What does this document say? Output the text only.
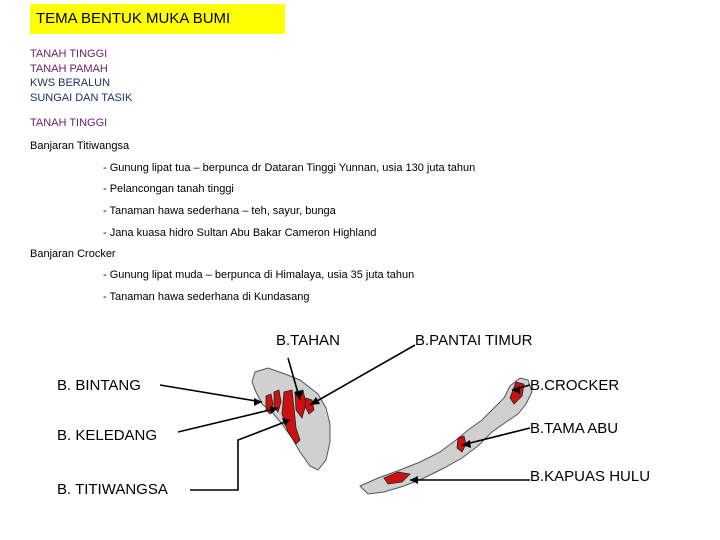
TEMA BENTUK MUKA BUMI
TANAH TINGGI
TANAH PAMAH
KWS BERALUN
SUNGAI DAN TASIK
TANAH TINGGI
Banjaran Titiwangsa
- Gunung lipat tua – berpunca dr Dataran Tinggi Yunnan, usia 130 juta tahun
- Pelancongan tanah tinggi
- Tanaman hawa sederhana – teh, sayur, bunga
- Jana kuasa hidro Sultan Abu Bakar Cameron Highland
Banjaran Crocker
- Gunung lipat muda – berpunca di Himalaya, usia 35 juta tahun
- Tanaman hawa sederhana di Kundasang
B.TAHAN	B.PANTAI TIMUR
B. BINTANG
B. KELEDANG
B. TITIWANGSA
B.CROCKER
B.TAMA ABU
B.KAPUAS HULU
